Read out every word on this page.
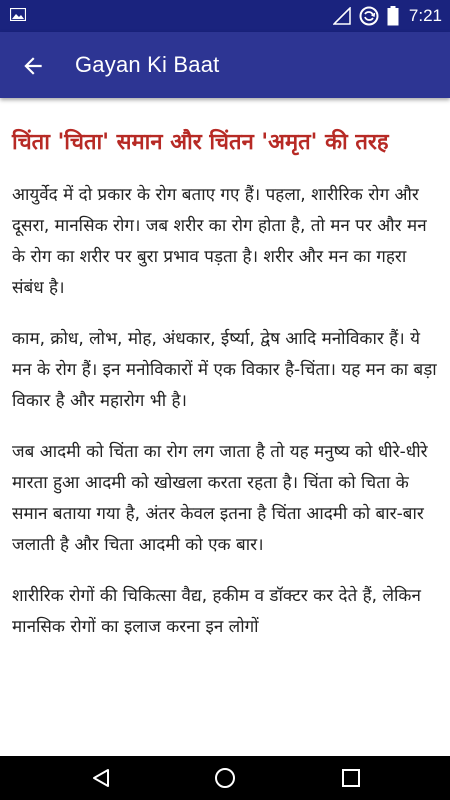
7:21
Gayan Ki Baat
चिंता 'चिता' समान और चिंतन 'अमृत' की तरह

आयुर्वेद में दो प्रकार के रोग बताए गए हैं। पहला, शारीरिक रोग और दूसरा, मानसिक रोग। जब शरीर का रोग होता है, तो मन पर और मन के रोग का शरीर पर बुरा प्रभाव पड़ता है। शरीर और मन का गहरा संबंध है।

काम, क्रोध, लोभ, मोह, अंधकार, ईर्ष्या, द्वेष आदि मनोविकार हैं। ये मन के रोग हैं। इन मनोविकारों में एक विकार है-चिंता। यह मन का बड़ा विकार है और महारोग भी है।

जब आदमी को चिंता का रोग लग जाता है तो यह मनुष्य को धीरे-धीरे मारता हुआ आदमी को खोखला करता रहता है। चिंता को चिता के समान बताया गया है, अंतर केवल इतना है चिंता आदमी को बार-बार जलाती है और चिता आदमी को एक बार।

शारीरिक रोगों की चिकित्सा वैद्य, हकीम व डॉक्टर कर देते हैं, लेकिन मानसिक रोगों का इलाज करना इन लोगों
